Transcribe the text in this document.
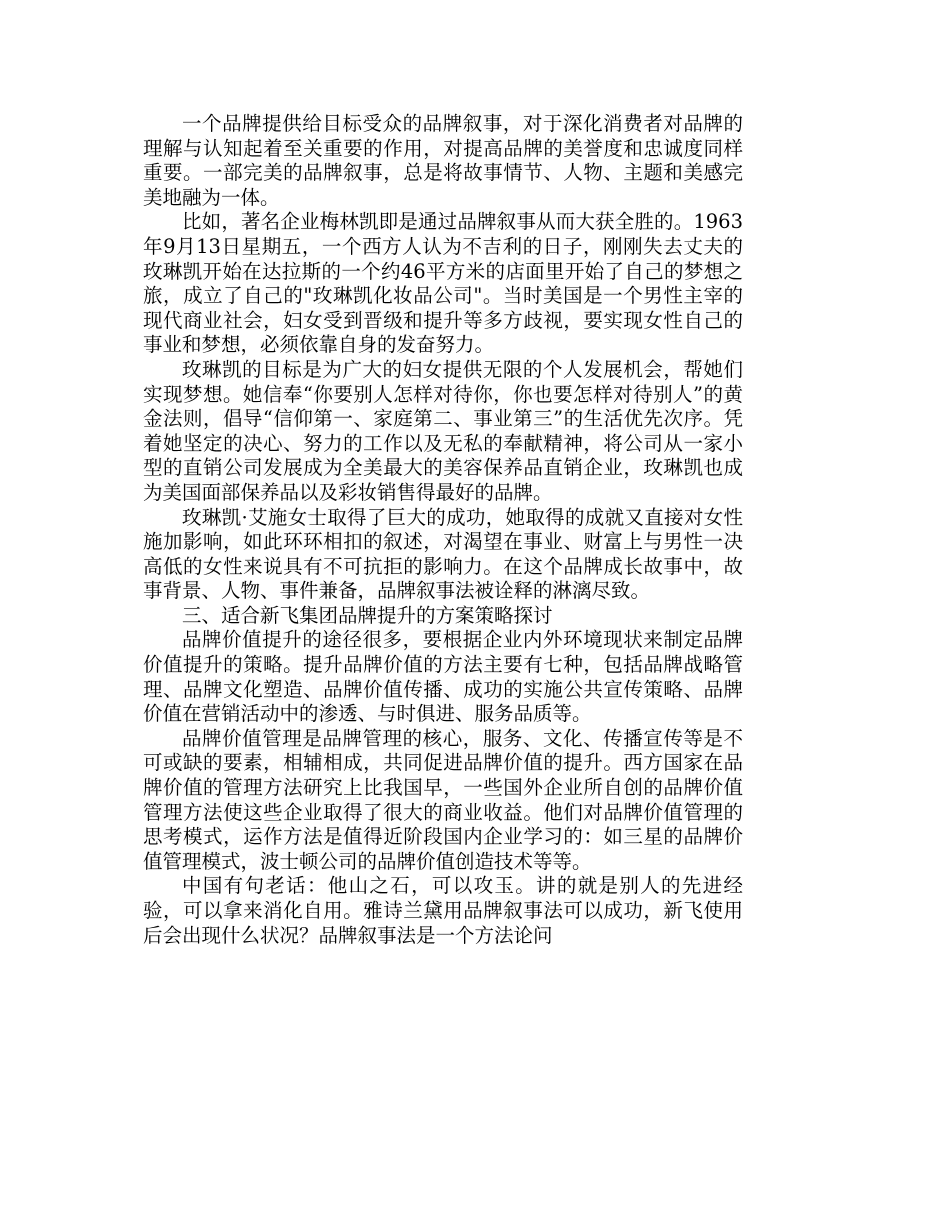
一个品牌提供给目标受众的品牌叙事，对于深化消费者对品牌的理解与认知起着至关重要的作用，对提高品牌的美誉度和忠诚度同样重要。一部完美的品牌叙事，总是将故事情节、人物、主题和美感完美地融为一体。

比如，著名企业梅林凯即是通过品牌叙事从而大获全胜的。1963年9月13日星期五，一个西方人认为不吉利的日子，刚刚失去丈夫的玫琳凯开始在达拉斯的一个约46平方米的店面里开始了自己的梦想之旅，成立了自己的"玫琳凯化妆品公司"。当时美国是一个男性主宰的现代商业社会，妇女受到晋级和提升等多方歧视，要实现女性自己的事业和梦想，必须依靠自身的发奋努力。

玫琳凯的目标是为广大的妇女提供无限的个人发展机会，帮她们实现梦想。她信奉“你要别人怎样对待你，你也要怎样对待别人”的黄金法则，倡导“信仰第一、家庭第二、事业第三”的生活优先次序。凭着她坚定的决心、努力的工作以及无私的奉献精神，将公司从一家小型的直销公司发展成为全美最大的美容保养品直销企业，玫琳凯也成为美国面部保养品以及彩妆销售得最好的品牌。

玫琳凯·艾施女士取得了巨大的成功，她取得的成就又直接对女性施加影响，如此环环相扣的叙述，对渴望在事业、财富上与男性一决高低的女性来说具有不可抗拒的影响力。在这个品牌成长故事中，故事背景、人物、事件兼备，品牌叙事法被诠释的淋漓尽致。

三、适合新飞集团品牌提升的方案策略探讨

品牌价值提升的途径很多，要根据企业内外环境现状来制定品牌价值提升的策略。提升品牌价值的方法主要有七种，包括品牌战略管理、品牌文化塑造、品牌价值传播、成功的实施公共宣传策略、品牌价值在营销活动中的渗透、与时俱进、服务品质等。

品牌价值管理是品牌管理的核心，服务、文化、传播宣传等是不可或缺的要素，相辅相成，共同促进品牌价值的提升。西方国家在品牌价值的管理方法研究上比我国早，一些国外企业所自创的品牌价值管理方法使这些企业取得了很大的商业收益。他们对品牌价值管理的思考模式，运作方法是值得近阶段国内企业学习的：如三星的品牌价值管理模式，波士顿公司的品牌价值创造技术等等。

中国有句老话：他山之石，可以攻玉。讲的就是别人的先进经验，可以拿来消化自用。雅诗兰黛用品牌叙事法可以成功，新飞使用后会出现什么状况？品牌叙事法是一个方法论问
